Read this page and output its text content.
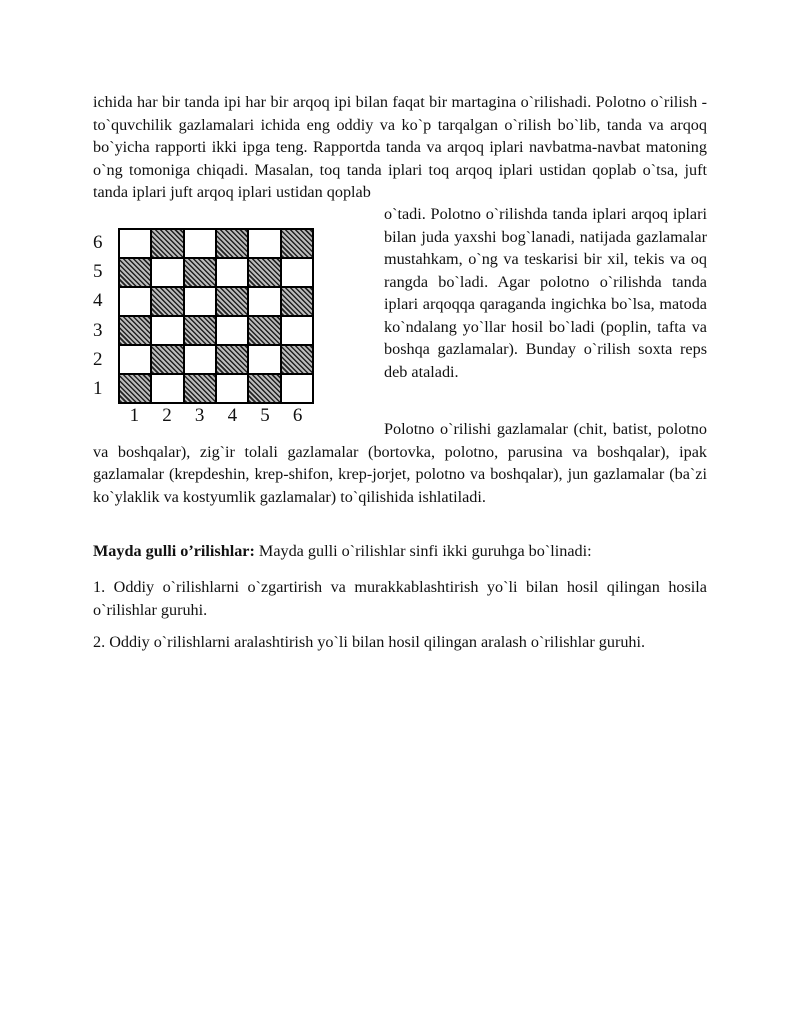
ichida har bir tanda ipi har bir arqoq ipi bilan faqat bir martagina o`rilishadi. Polotno o`rilish - to`quvchilik gazlamalari ichida eng oddiy va ko`p tarqalgan o`rilish bo`lib, tanda va arqoq bo`yicha rapporti ikki ipga teng. Rapportda tanda va arqoq iplari navbatma-navbat matoning o`ng tomoniga chiqadi. Masalan, toq tanda iplari toq arqoq iplari ustidan qoplab o`tsa, juft tanda iplari juft arqoq iplari ustidan qoplab

6
5
4
3
2
1
1	2	3	4	5	6

o`tadi. Polotno o`rilishda tanda iplari arqoq iplari bilan juda yaxshi bog`lanadi, natijada gazlamalar mustahkam, o`ng va teskarisi bir xil, tekis va oq rangda bo`ladi. Agar polotno o`rilishda tanda iplari arqoqqa qaraganda ingichka bo`lsa, matoda ko`ndalang yo`llar hosil bo`ladi (poplin, tafta va boshqa gazlamalar). Bunday o`rilish soxta reps deb ataladi.

Polotno o`rilishi gazlamalar (chit, batist, polotno va boshqalar), zig`ir tolali gazlamalar (bortovka, polotno, parusina va boshqalar), ipak gazlamalar (krepdeshin, krep-shifon, krep-jorjet, polotno va boshqalar), jun gazlamalar (ba`zi ko`ylaklik va kostyumlik gazlamalar) to`qilishida ishlatiladi.

Mayda gulli o’rilishlar: Mayda gulli o`rilishlar sinfi ikki guruhga bo`linadi:

1. Oddiy o`rilishlarni o`zgartirish va murakkablashtirish yo`li bilan hosil qilingan hosila o`rilishlar guruhi.

2. Oddiy o`rilishlarni aralashtirish yo`li bilan hosil qilingan aralash o`rilishlar guruhi.
